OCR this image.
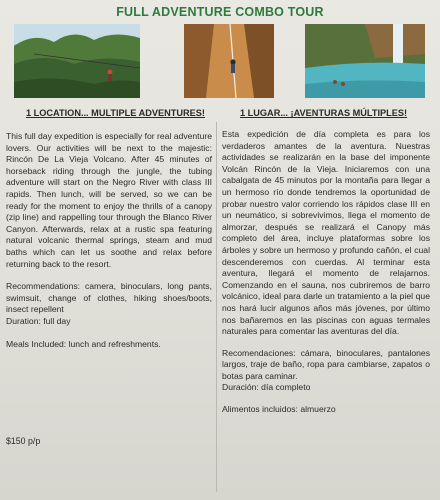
FULL ADVENTURE COMBO TOUR
1 LOCATION... MULTIPLE ADVENTURES!	1 LUGAR... ¡AVENTURAS MÚLTIPLES!

This full day expedition is especially for real adventure lovers. Our activities will be next to the majestic: Rincón De La Vieja Volcano. After 45 minutes of horseback riding through the jungle, the tubing adventure will start on the Negro River with class III rapids. Then lunch, will be served, so we can be ready for the moment to enjoy the thrills of a canopy (zip line) and rappelling tour through the Blanco River Canyon. Afterwards, relax at a rustic spa featuring natural volcanic thermal springs, steam and mud baths which can let us soothe and relax before returning back to the resort.

Recommendations: camera, binoculars, long pants, swimsuit, change of clothes, hiking shoes/boots, insect repellent

Duration: full day

Meals Included: lunch and refreshments.

$150 p/p

Esta expedición de día completa es para los verdaderos amantes de la aventura. Nuestras actividades se realizarán en la base del imponente Volcán Rincón de la Vieja. Iniciaremos con una cabalgata de 45 minutos por la montaña para llegar a un hermoso río donde tendremos la oportunidad de probar nuestro valor corriendo los rápidos clase III en un neumático, si sobrevivimos, llega el momento de almorzar, después se realizará el Canopy más completo del área, incluye plataformas sobre los árboles y sobre un hermoso y profundo cañón, el cual descenderemos con cuerdas. Al terminar esta aventura, llegará el momento de relajarnos. Comenzando en el sauna, nos cubriremos de barro volcánico, ideal para darle un tratamiento a la piel que nos hará lucir algunos años más jóvenes, por último nos bañaremos en las piscinas con aguas termales naturales para comentar las aventuras del día.

Recomendaciones: cámara, binoculares, pantalones largos, traje de baño, ropa para cambiarse, zapatos o botas para caminar.

Duración: día completo

Alimentos incluidos: almuerzo
